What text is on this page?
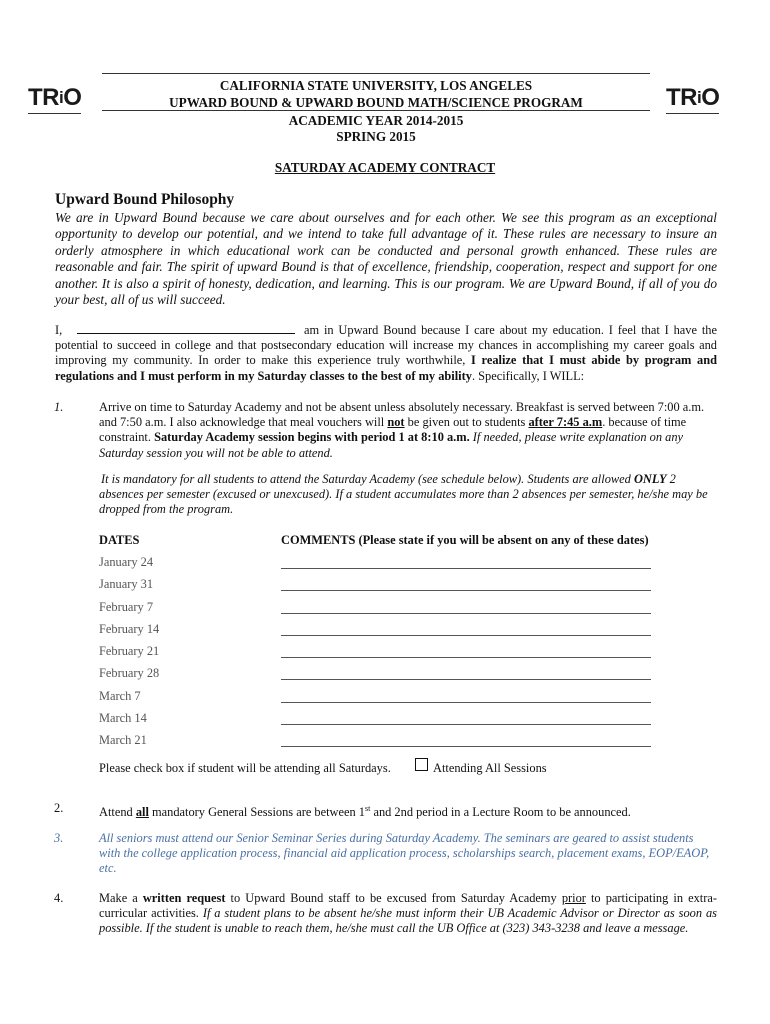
TRiO	TRiO
CALIFORNIA STATE UNIVERSITY, LOS ANGELES
UPWARD BOUND & UPWARD BOUND MATH/SCIENCE PROGRAM
ACADEMIC YEAR 2014-2015
SPRING 2015
SATURDAY ACADEMY CONTRACT
Upward Bound Philosophy
We are in Upward Bound because we care about ourselves and for each other. We see this program as an exceptional opportunity to develop our potential, and we intend to take full advantage of it. These rules are necessary to insure an orderly atmosphere in which educational work can be conducted and personal growth enhanced. These rules are reasonable and fair. The spirit of upward Bound is that of excellence, friendship, cooperation, respect and support for one another. It is also a spirit of honesty, dedication, and learning. This is our program. We are Upward Bound, if all of you do your best, all of us will succeed.
I,	am in Upward Bound because I care about my education. I feel that I have the potential to succeed in college and that postsecondary education will increase my chances in accomplishing my career goals and improving my community. In order to make this experience truly worthwhile, I realize that I must abide by program and regulations and I must perform in my Saturday classes to the best of my ability. Specifically, I WILL:
1.	Arrive on time to Saturday Academy and not be absent unless absolutely necessary. Breakfast is served between 7:00 a.m. and 7:50 a.m. I also acknowledge that meal vouchers will not be given out to students after 7:45 a.m. because of time constraint. Saturday Academy session begins with period 1 at 8:10 a.m. If needed, please write explanation on any Saturday session you will not be able to attend.
It is mandatory for all students to attend the Saturday Academy (see schedule below). Students are allowed ONLY 2 absences per semester (excused or unexcused). If a student accumulates more than 2 absences per semester, he/she may be dropped from the program.
DATES	COMMENTS (Please state if you will be absent on any of these dates)
January 24
January 31
February 7
February 14
February 21
February 28
March 7
March 14
March 21
Please check box if student will be attending all Saturdays.	Attending All Sessions
2.	Attend all mandatory General Sessions are between 1st and 2nd period in a Lecture Room to be announced.
3.	All seniors must attend our Senior Seminar Series during Saturday Academy. The seminars are geared to assist students with the college application process, financial aid application process, scholarships search, placement exams, EOP/EAOP, etc.
4.	Make a written request to Upward Bound staff to be excused from Saturday Academy prior to participating in extra-curricular activities. If a student plans to be absent he/she must inform their UB Academic Advisor or Director as soon as possible. If the student is unable to reach them, he/she must call the UB Office at (323) 343-3238 and leave a message.
